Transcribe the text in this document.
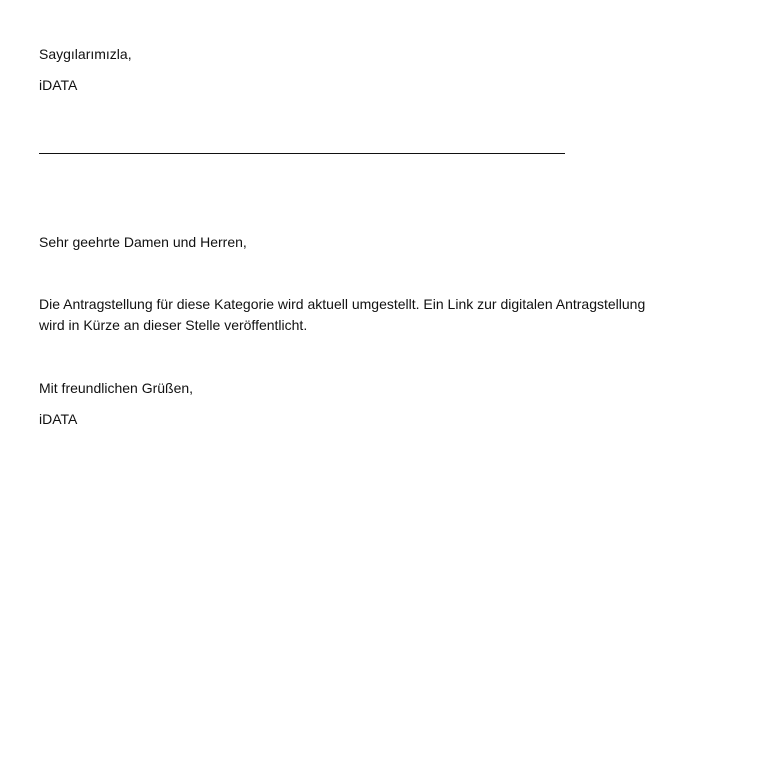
Saygılarımızla,
iDATA
Sehr geehrte Damen und Herren,
Die Antragstellung für diese Kategorie wird aktuell umgestellt. Ein Link zur digitalen Antragstellung
wird in Kürze an dieser Stelle veröffentlicht.
Mit freundlichen Grüßen,
iDATA
